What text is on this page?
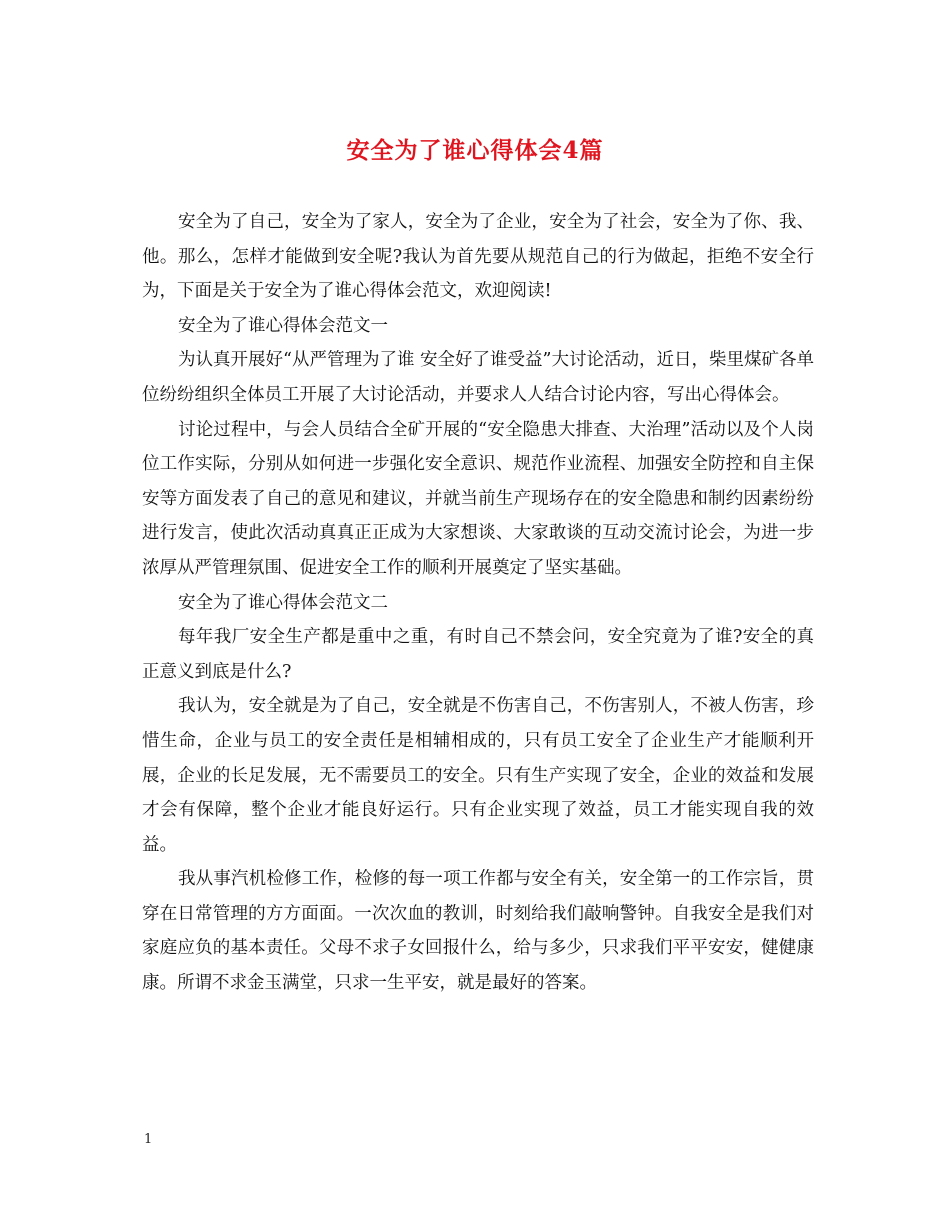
安全为了谁心得体会4篇

安全为了自己，安全为了家人，安全为了企业，安全为了社会，安全为了你、我、他。那么，怎样才能做到安全呢?我认为首先要从规范自己的行为做起，拒绝不安全行为，下面是关于安全为了谁心得体会范文，欢迎阅读!

安全为了谁心得体会范文一

为认真开展好“从严管理为了谁 安全好了谁受益”大讨论活动，近日，柴里煤矿各单位纷纷组织全体员工开展了大讨论活动，并要求人人结合讨论内容，写出心得体会。

讨论过程中，与会人员结合全矿开展的“安全隐患大排查、大治理”活动以及个人岗位工作实际，分别从如何进一步强化安全意识、规范作业流程、加强安全防控和自主保安等方面发表了自己的意见和建议，并就当前生产现场存在的安全隐患和制约因素纷纷进行发言，使此次活动真真正正成为大家想谈、大家敢谈的互动交流讨论会，为进一步浓厚从严管理氛围、促进安全工作的顺利开展奠定了坚实基础。

安全为了谁心得体会范文二

每年我厂安全生产都是重中之重，有时自己不禁会问，安全究竟为了谁?安全的真正意义到底是什么?

我认为，安全就是为了自己，安全就是不伤害自己，不伤害别人，不被人伤害，珍惜生命，企业与员工的安全责任是相辅相成的，只有员工安全了企业生产才能顺利开展，企业的长足发展，无不需要员工的安全。只有生产实现了安全，企业的效益和发展才会有保障，整个企业才能良好运行。只有企业实现了效益，员工才能实现自我的效益。

我从事汽机检修工作，检修的每一项工作都与安全有关，安全第一的工作宗旨，贯穿在日常管理的方方面面。一次次血的教训，时刻给我们敲响警钟。自我安全是我们对家庭应负的基本责任。父母不求子女回报什么，给与多少，只求我们平平安安，健健康康。所谓不求金玉满堂，只求一生平安，就是最好的答案。

1
